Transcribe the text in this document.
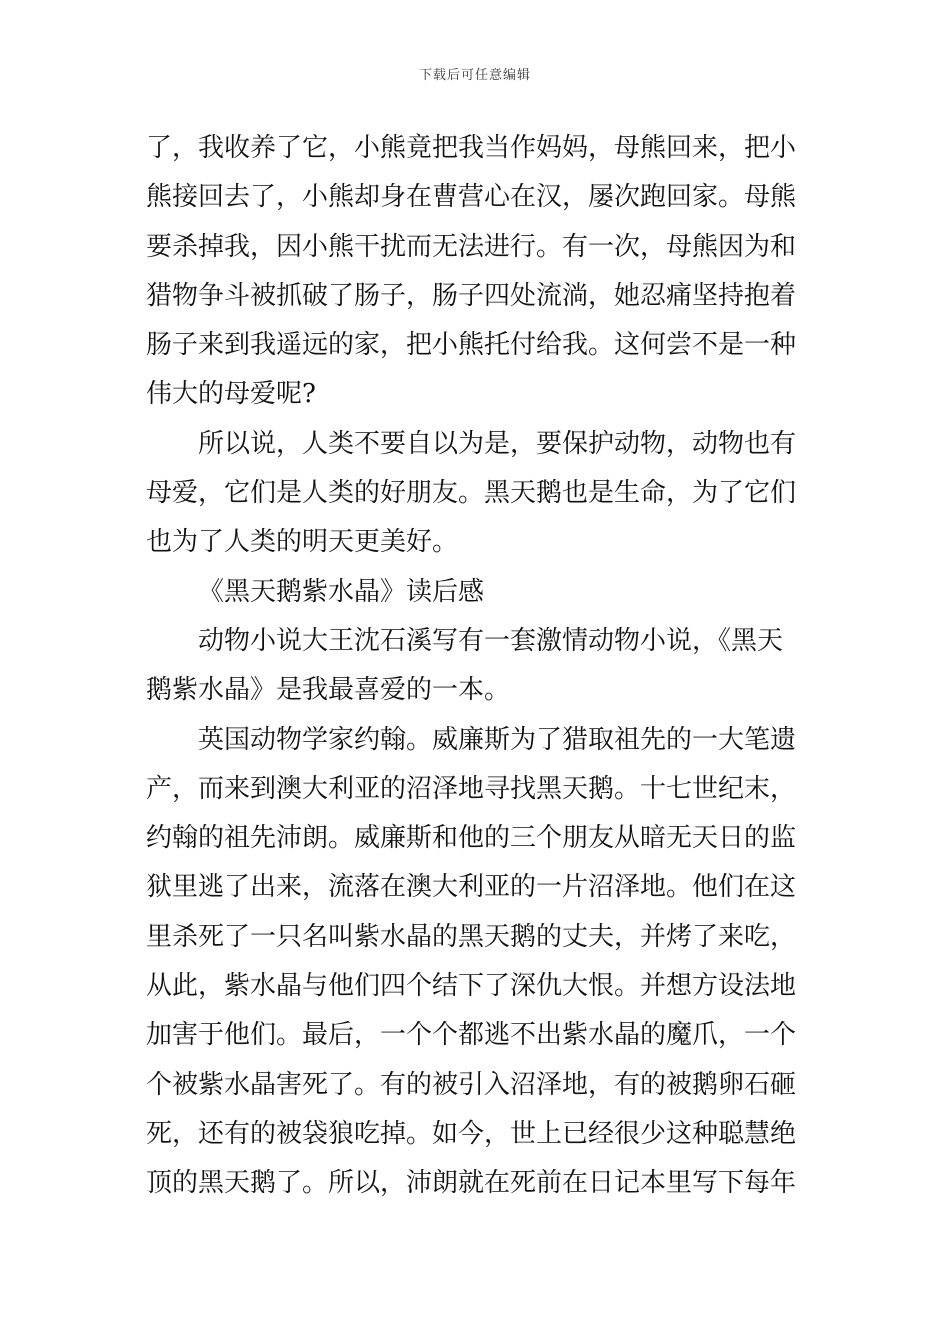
下载后可任意编辑
了，我收养了它，小熊竟把我当作妈妈，母熊回来，把小
熊接回去了，小熊却身在曹营心在汉，屡次跑回家。母熊
要杀掉我，因小熊干扰而无法进行。有一次，母熊因为和
猎物争斗被抓破了肠子，肠子四处流淌，她忍痛坚持抱着
肠子来到我遥远的家，把小熊托付给我。这何尝不是一种
伟大的母爱呢?
所以说，人类不要自以为是，要保护动物，动物也有
母爱，它们是人类的好朋友。黑天鹅也是生命，为了它们
也为了人类的明天更美好。
《黑天鹅紫水晶》读后感
动物小说大王沈石溪写有一套激情动物小说，《黑天
鹅紫水晶》是我最喜爱的一本。
英国动物学家约翰。威廉斯为了猎取祖先的一大笔遗
产，而来到澳大利亚的沼泽地寻找黑天鹅。十七世纪末，
约翰的祖先沛朗。威廉斯和他的三个朋友从暗无天日的监
狱里逃了出来，流落在澳大利亚的一片沼泽地。他们在这
里杀死了一只名叫紫水晶的黑天鹅的丈夫，并烤了来吃，
从此，紫水晶与他们四个结下了深仇大恨。并想方设法地
加害于他们。最后，一个个都逃不出紫水晶的魔爪，一个
个被紫水晶害死了。有的被引入沼泽地，有的被鹅卵石砸
死，还有的被袋狼吃掉。如今，世上已经很少这种聪慧绝
顶的黑天鹅了。所以，沛朗就在死前在日记本里写下每年
